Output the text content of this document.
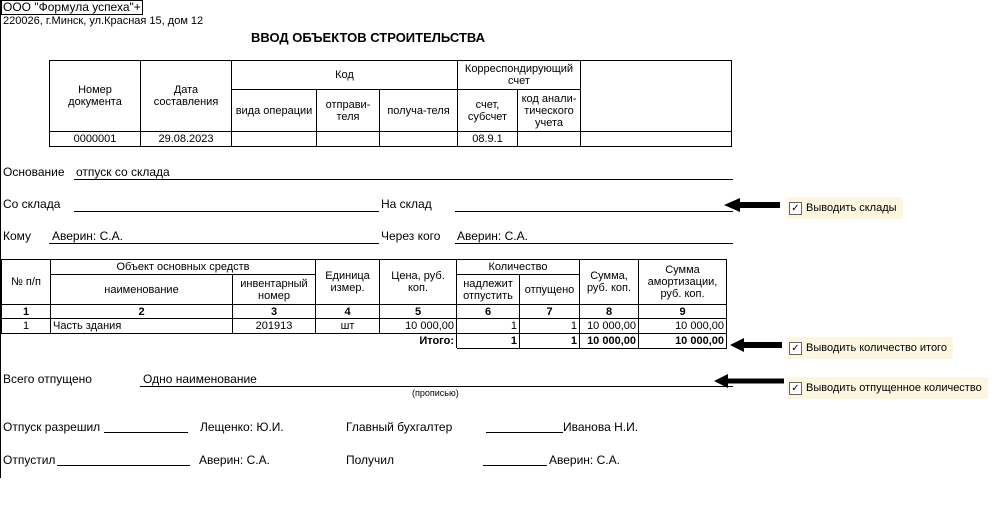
ООО "Формула успеха"+
220026, г.Минск, ул.Красная 15, дом 12
ВВОД ОБЪЕКТОВ СТРОИТЕЛЬСТВА
Номер документа	Дата составления	Код			Корреспондирующий счет		
		вида операции	отправи-теля	получа-теля	счет, субсчет	код анали-тического учета	
0000001	29.08.2023				08.9.1		
Основание отпуск со склада
Со склада	На склад
Кому Аверин: С.А.	Через кого Аверин: С.А.
№ п/п	Объект основных средств		Единица измер.	Цена, руб. коп.	Количество		Сумма, руб. коп.	Сумма амортизации, руб. коп.
	наименование	инвентарный номер			надлежит отпустить	отпущено		
1	2	3	4	5	6	7	8	9
1	Часть здания	201913	шт	10 000,00	1	1	10 000,00	10 000,00
Итого:					1	1	10 000,00	10 000,00
Всего отпущено	Одно наименование
(прописью)
Отпуск разрешил	Лещенко: Ю.И.	Главный бухгалтер	Иванова Н.И.
Отпустил	Аверин: С.А.	Получил	Аверин: С.А.
✓ Выводить склады
✓ Выводить количество итого
✓ Выводить отпущенное количество
